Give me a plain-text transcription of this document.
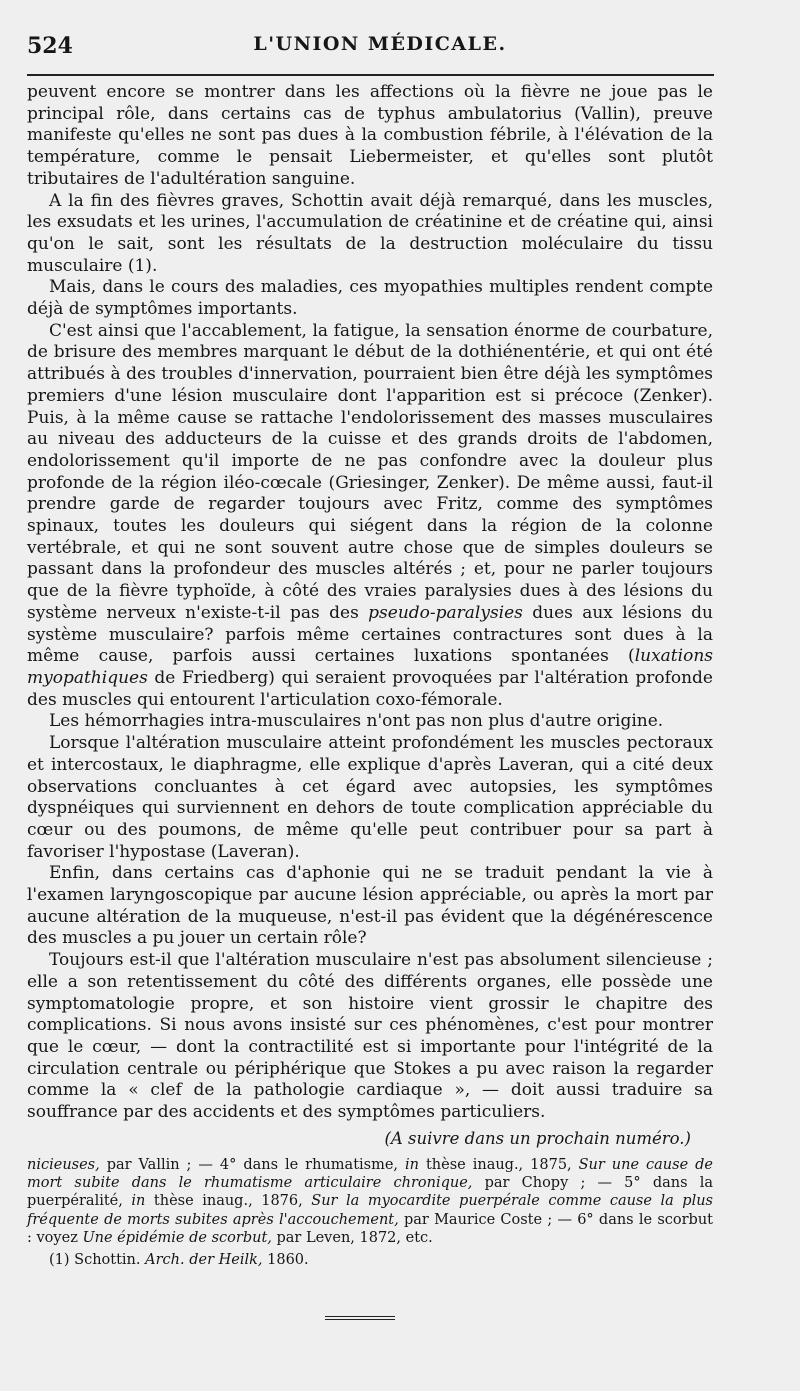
524	L'UNION MÉDICALE.

peuvent encore se montrer dans les affections où la fièvre ne joue pas le principal rôle, dans certains cas de typhus ambulatorius (Vallin), preuve manifeste qu'elles ne sont pas dues à la combustion fébrile, à l'élévation de la température, comme le pensait Liebermeister, et qu'elles sont plutôt tributaires de l'adultération sanguine.

A la fin des fièvres graves, Schottin avait déjà remarqué, dans les muscles, les exsudats et les urines, l'accumulation de créatinine et de créatine qui, ainsi qu'on le sait, sont les résultats de la destruction moléculaire du tissu musculaire (1).

Mais, dans le cours des maladies, ces myopathies multiples rendent compte déjà de symptômes importants.

C'est ainsi que l'accablement, la fatigue, la sensation énorme de courbature, de brisure des membres marquant le début de la dothiénentérie, et qui ont été attribués à des troubles d'innervation, pourraient bien être déjà les symptômes premiers d'une lésion musculaire dont l'apparition est si précoce (Zenker). Puis, à la même cause se rattache l'endolorissement des masses musculaires au niveau des adducteurs de la cuisse et des grands droits de l'abdomen, endolorissement qu'il importe de ne pas confondre avec la douleur plus profonde de la région iléo-cœcale (Griesinger, Zenker). De même aussi, faut-il prendre garde de regarder toujours avec Fritz, comme des symptômes spinaux, toutes les douleurs qui siégent dans la région de la colonne vertébrale, et qui ne sont souvent autre chose que de simples douleurs se passant dans la profondeur des muscles altérés ; et, pour ne parler toujours que de la fièvre typhoïde, à côté des vraies paralysies dues à des lésions du système nerveux n'existe-t-il pas des pseudo-paralysies dues aux lésions du système musculaire? parfois même certaines contractures sont dues à la même cause, parfois aussi certaines luxations spontanées (luxations myopathiques de Friedberg) qui seraient provoquées par l'altération profonde des muscles qui entourent l'articulation coxo-fémorale.

Les hémorrhagies intra-musculaires n'ont pas non plus d'autre origine.

Lorsque l'altération musculaire atteint profondément les muscles pectoraux et intercostaux, le diaphragme, elle explique d'après Laveran, qui a cité deux observations concluantes à cet égard avec autopsies, les symptômes dyspnéiques qui surviennent en dehors de toute complication appréciable du cœur ou des poumons, de même qu'elle peut contribuer pour sa part à favoriser l'hypostase (Laveran).

Enfin, dans certains cas d'aphonie qui ne se traduit pendant la vie à l'examen laryngoscopique par aucune lésion appréciable, ou après la mort par aucune altération de la muqueuse, n'est-il pas évident que la dégénérescence des muscles a pu jouer un certain rôle?

Toujours est-il que l'altération musculaire n'est pas absolument silencieuse ; elle a son retentissement du côté des différents organes, elle possède une symptomatologie propre, et son histoire vient grossir le chapitre des complications. Si nous avons insisté sur ces phénomènes, c'est pour montrer que le cœur, — dont la contractilité est si importante pour l'intégrité de la circulation centrale ou périphérique que Stokes a pu avec raison la regarder comme la « clef de la pathologie cardiaque », — doit aussi traduire sa souffrance par des accidents et des symptômes particuliers.

(A suivre dans un prochain numéro.)

nicieuses, par Vallin ; — 4° dans le rhumatisme, in thèse inaug., 1875, Sur une cause de mort subite dans le rhumatisme articulaire chronique, par Chopy ; — 5° dans la puerpéralité, in thèse inaug., 1876, Sur la myocardite puerpérale comme cause la plus fréquente de morts subites après l'accouchement, par Maurice Coste ; — 6° dans le scorbut : voyez Une épidémie de scorbut, par Leven, 1872, etc.

(1) Schottin. Arch. der Heilk, 1860.
